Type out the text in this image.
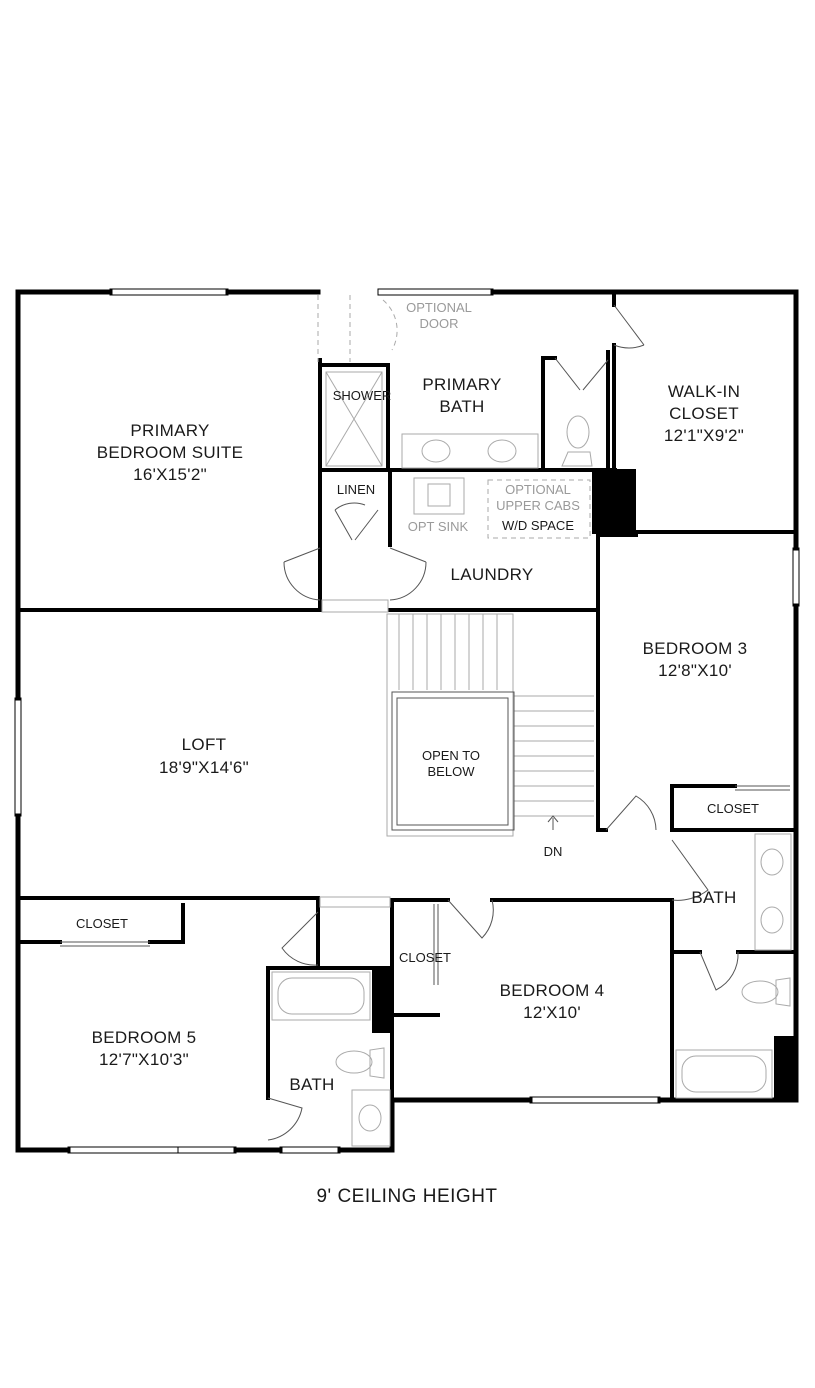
PRIMARY
BEDROOM SUITE
16'X15'2"
PRIMARY
BATH
WALK-IN
CLOSET
12'1"X9'2"
SHOWER
LINEN
OPTIONAL
DOOR
OPTIONAL
UPPER CABS
OPT SINK	W/D SPACE
LAUNDRY
BEDROOM 3
12'8"X10'
LOFT
18'9"X14'6"
OPEN TO
BELOW
DN
CLOSET
BATH
CLOSET
CLOSET
BEDROOM 4
12'X10'
BEDROOM 5
12'7"X10'3"
BATH
9' CEILING HEIGHT
